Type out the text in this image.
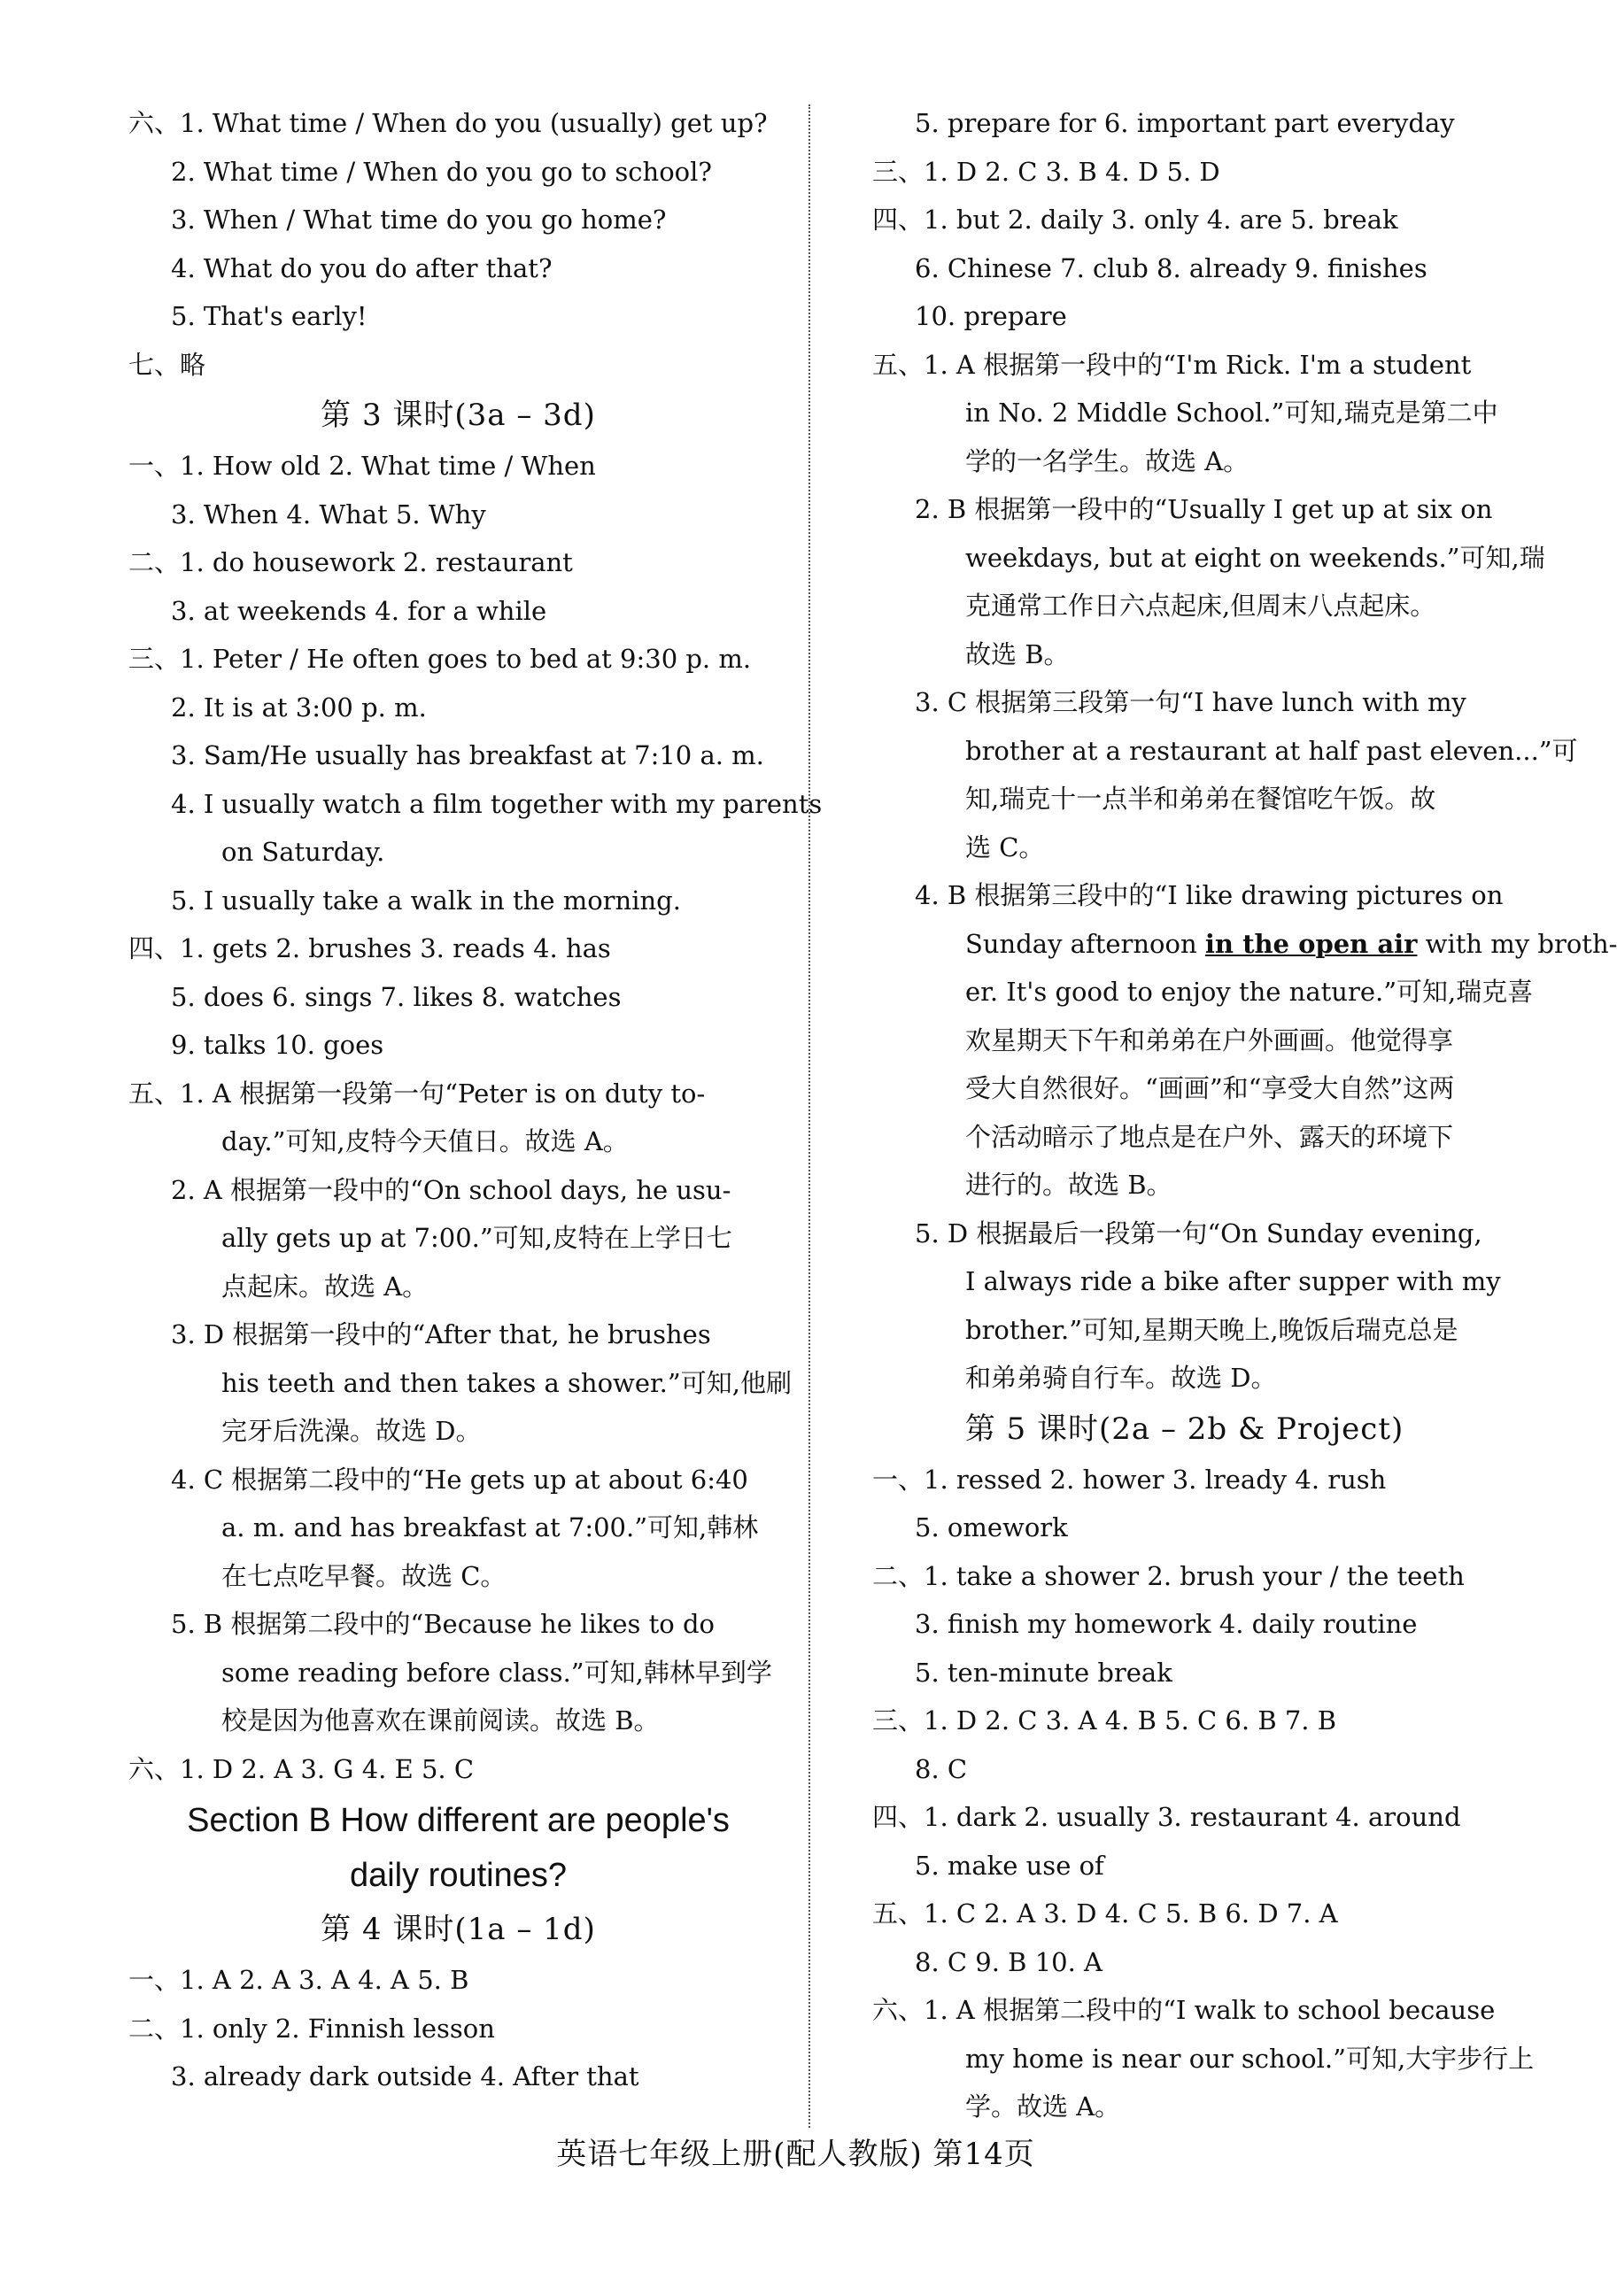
六、 1. What time / When do you (usually) get up?
2. What time / When do you go to school?
3. When / What time do you go home?
4. What do you do after that?
5. That's early!
七、略
第 3 课时(3a – 3d)
一、 1. How old 2. What time / When
3. When 4. What 5. Why
二、 1. do housework 2. restaurant
3. at weekends 4. for a while
三、 1. Peter / He often goes to bed at 9:30 p. m.
2. It is at 3:00 p. m.
3. Sam/He usually has breakfast at 7:10 a. m.
4. I usually watch a film together with my parents
on Saturday.
5. I usually take a walk in the morning.
四、 1. gets 2. brushes 3. reads 4. has
5. does 6. sings 7. likes 8. watches
9. talks 10. goes
五、 1. A 根据第一段第一句“Peter is on duty to-
day.”可知,皮特今天值日。故选 A。
2. A 根据第一段中的“On school days, he usu-
ally gets up at 7:00.”可知,皮特在上学日七
点起床。故选 A。
3. D 根据第一段中的“After that, he brushes
his teeth and then takes a shower.”可知,他刷
完牙后洗澡。故选 D。
4. C 根据第二段中的“He gets up at about 6:40
a. m. and has breakfast at 7:00.”可知,韩林
在七点吃早餐。故选 C。
5. B 根据第二段中的“Because he likes to do
some reading before class.”可知,韩林早到学
校是因为他喜欢在课前阅读。故选 B。
六、 1. D 2. A 3. G 4. E 5. C
Section B How different are people's
daily routines?
第 4 课时(1a – 1d)
一、 1. A 2. A 3. A 4. A 5. B
二、 1. only 2. Finnish lesson
3. already dark outside 4. After that
5. prepare for 6. important part everyday
三、 1. D 2. C 3. B 4. D 5. D
四、 1. but 2. daily 3. only 4. are 5. break
6. Chinese 7. club 8. already 9. finishes
10. prepare
五、 1. A 根据第一段中的“I'm Rick. I'm a student
in No. 2 Middle School.”可知,瑞克是第二中
学的一名学生。故选 A。
2. B 根据第一段中的“Usually I get up at six on
weekdays, but at eight on weekends.”可知,瑞
克通常工作日六点起床,但周末八点起床。
故选 B。
3. C 根据第三段第一句“I have lunch with my
brother at a restaurant at half past eleven...”可
知,瑞克十一点半和弟弟在餐馆吃午饭。故
选 C。
4. B 根据第三段中的“I like drawing pictures on
Sunday afternoon in the open air with my broth-
er. It's good to enjoy the nature.”可知,瑞克喜
欢星期天下午和弟弟在户外画画。他觉得享
受大自然很好。“画画”和“享受大自然”这两
个活动暗示了地点是在户外、露天的环境下
进行的。故选 B。
5. D 根据最后一段第一句“On Sunday evening,
I always ride a bike after supper with my
brother.”可知,星期天晚上,晚饭后瑞克总是
和弟弟骑自行车。故选 D。
第 5 课时(2a – 2b & Project)
一、 1. ressed 2. hower 3. lready 4. rush
5. omework
二、 1. take a shower 2. brush your / the teeth
3. finish my homework 4. daily routine
5. ten-minute break
三、 1. D 2. C 3. A 4. B 5. C 6. B 7. B
8. C
四、 1. dark 2. usually 3. restaurant 4. around
5. make use of
五、 1. C 2. A 3. D 4. C 5. B 6. D 7. A
8. C 9. B 10. A
六、 1. A 根据第二段中的“I walk to school because
my home is near our school.”可知,大宇步行上
学。故选 A。
英语七年级上册(配人教版) 第14页
